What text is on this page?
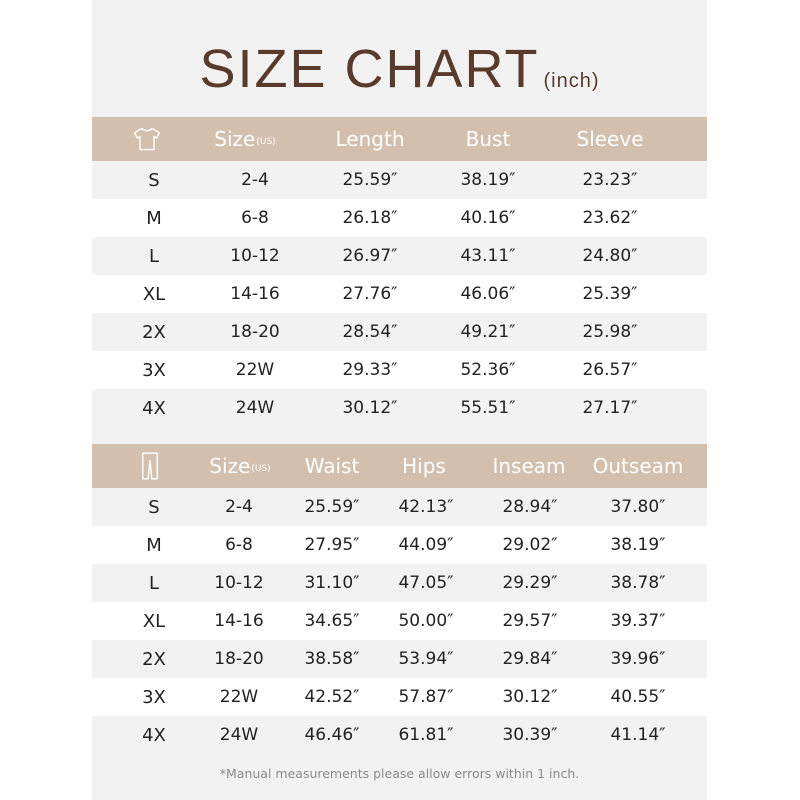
SIZE CHART (inch)
Size (US)	Length	Bust	Sleeve
S	2-4	25.59″	38.19″	23.23″
M	6-8	26.18″	40.16″	23.62″
L	10-12	26.97″	43.11″	24.80″
XL	14-16	27.76″	46.06″	25.39″
2X	18-20	28.54″	49.21″	25.98″
3X	22W	29.33″	52.36″	26.57″
4X	24W	30.12″	55.51″	27.17″
Size (US) Waist Hips Inseam Outseam
S	2-4	25.59″ 42.13″	28.94″	37.80″
M	6-8	27.95″ 44.09″	29.02″	38.19″
L	10-12 31.10″ 47.05″	29.29″	38.78″
XL	14-16 34.65″ 50.00″	29.57″	39.37″
2X	18-20 38.58″ 53.94″	29.84″	39.96″
3X	22W	42.52″ 57.87″	30.12″	40.55″
4X	24W	46.46″ 61.81″	30.39″	41.14″
*Manual measurements please allow errors within 1 inch.
